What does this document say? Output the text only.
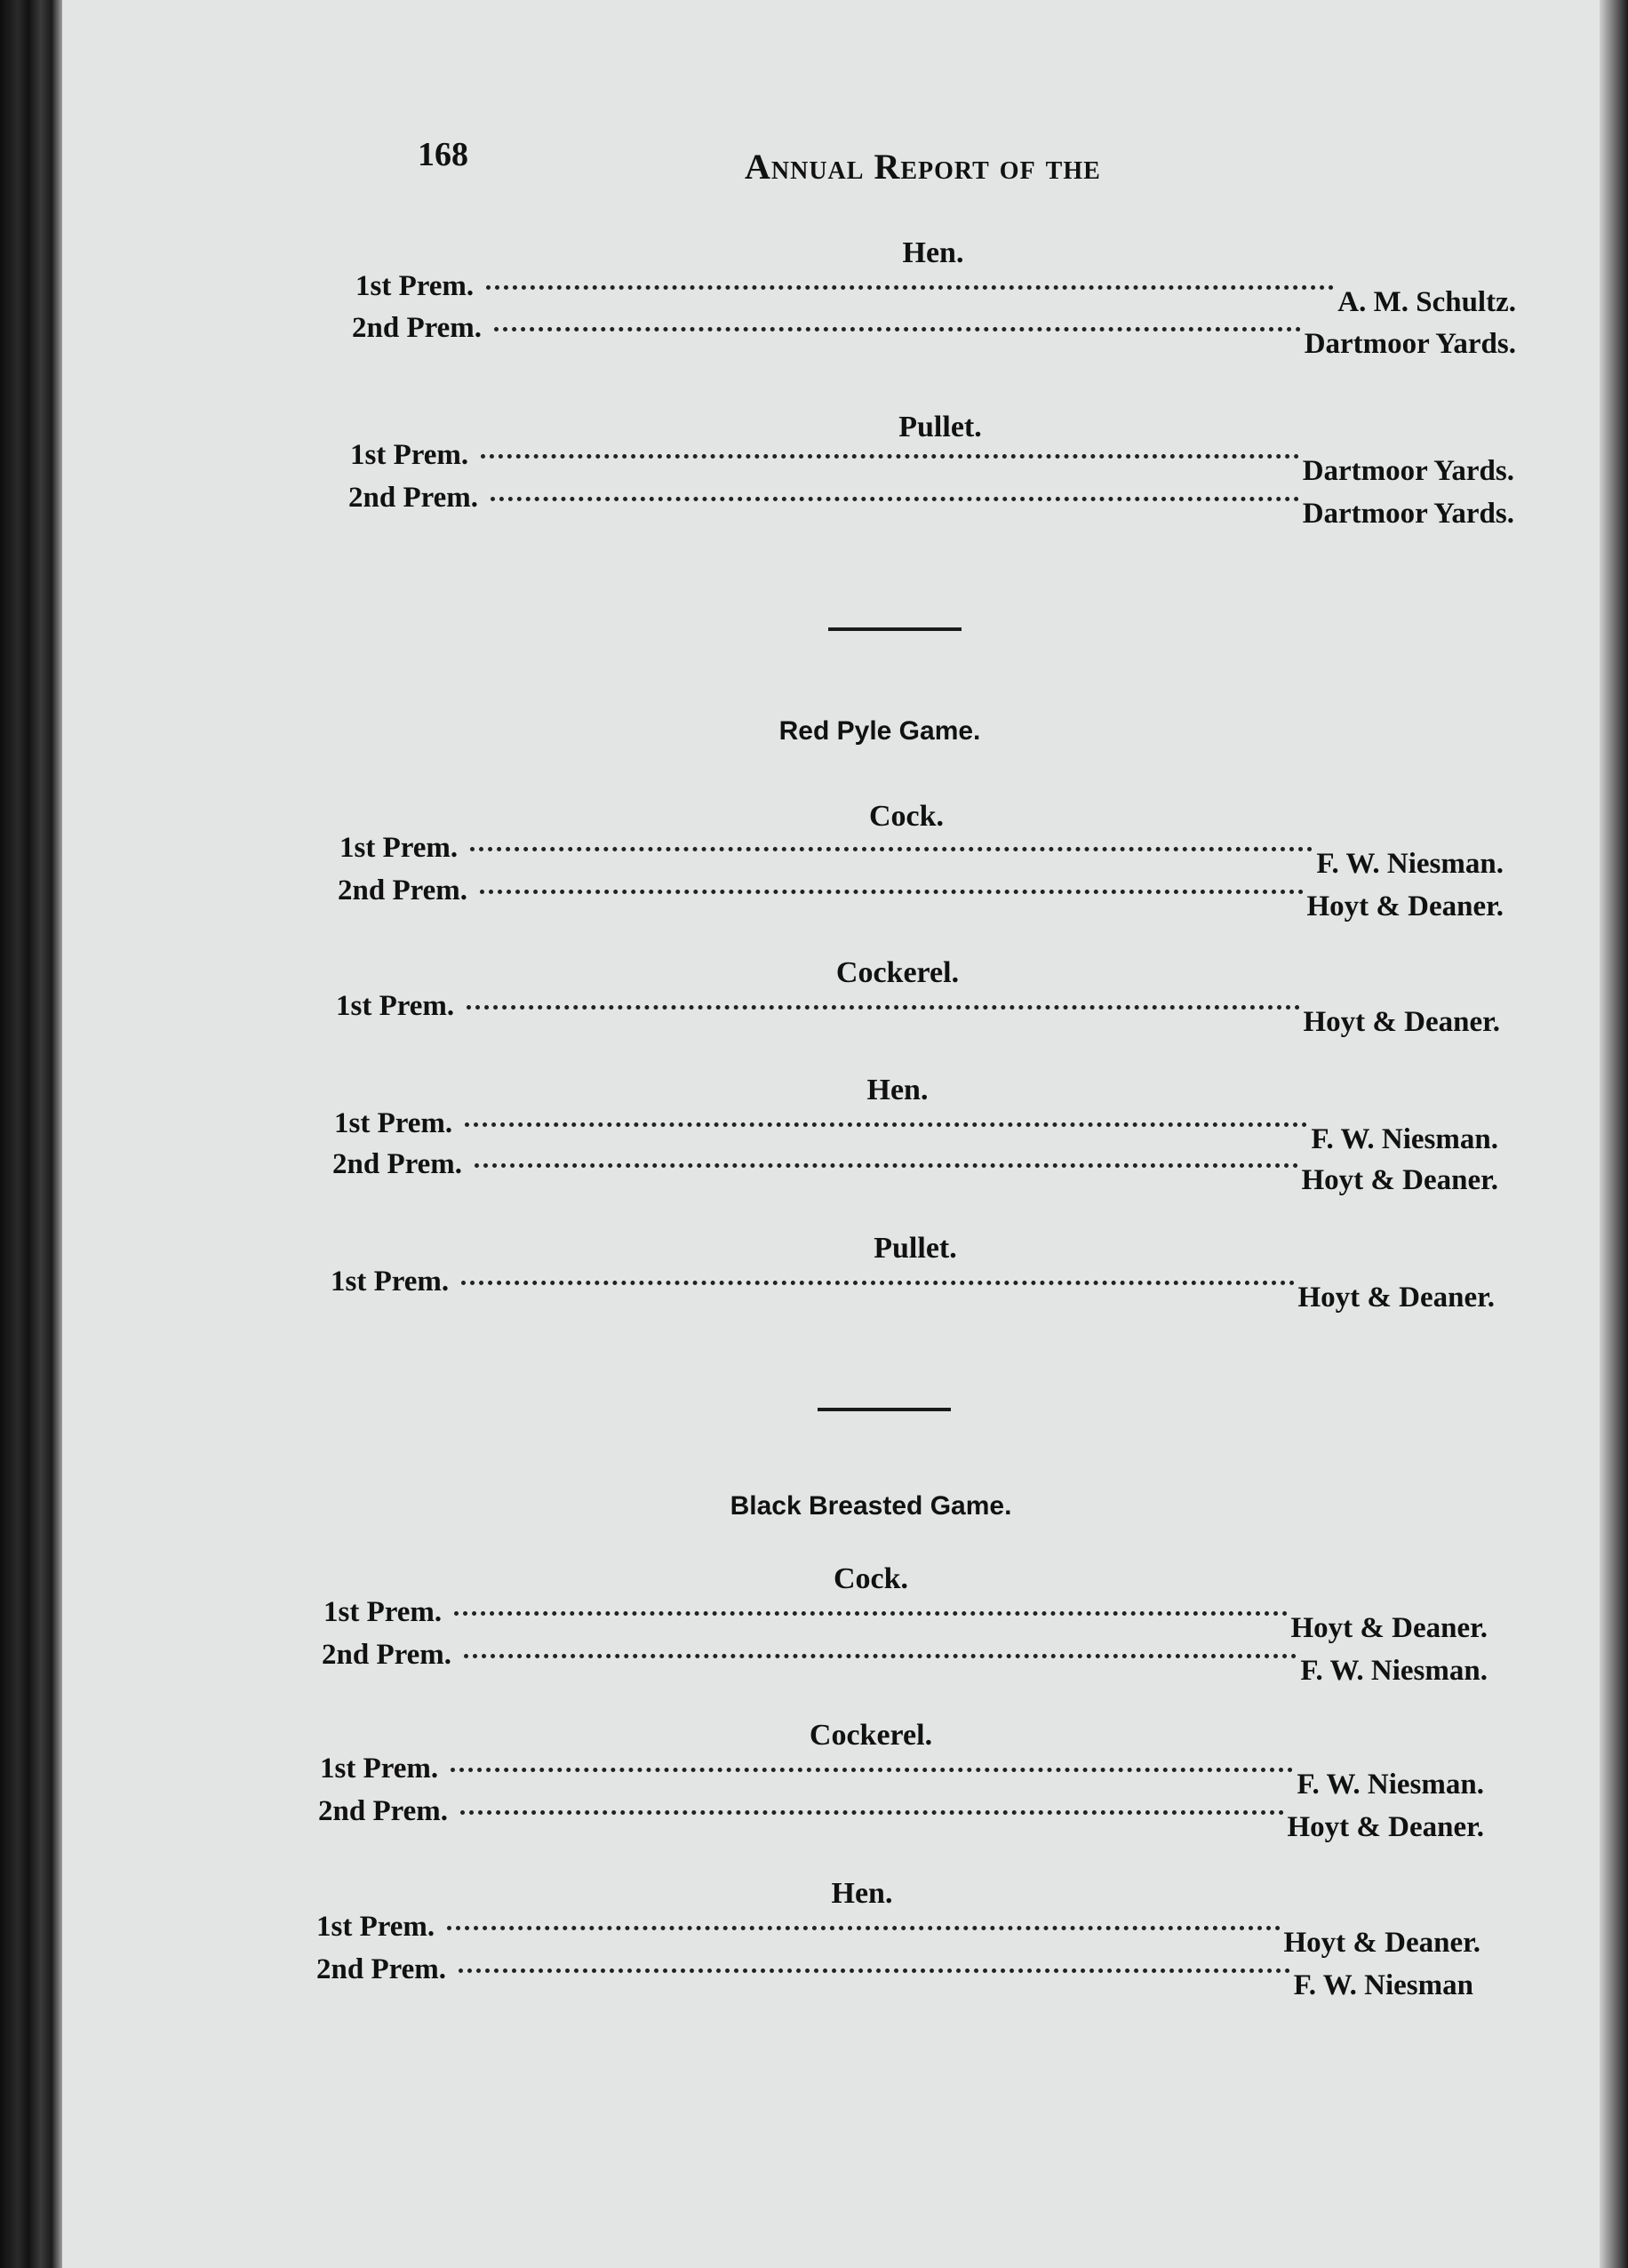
168	Annual Report of the
Hen.
1st Prem.	A. M. Schultz.
2nd Prem.	Dartmoor Yards.
Pullet.
1st Prem.	Dartmoor Yards.
2nd Prem.	Dartmoor Yards.
Red Pyle Game.
Cock.
1st Prem.	F. W. Niesman.
2nd Prem.	Hoyt & Deaner.
Cockerel.
1st Prem.	Hoyt & Deaner.
Hen.
1st Prem.	F. W. Niesman.
2nd Prem.	Hoyt & Deaner.
Pullet.
1st Prem.	Hoyt & Deaner.
Black Breasted Game.
Cock.
1st Prem.	Hoyt & Deaner.
2nd Prem.	F. W. Niesman.
Cockerel.
1st Prem.	F. W. Niesman.
2nd Prem.	Hoyt & Deaner.
Hen.
1st Prem.	Hoyt & Deaner.
2nd Prem.	F. W. Niesman
